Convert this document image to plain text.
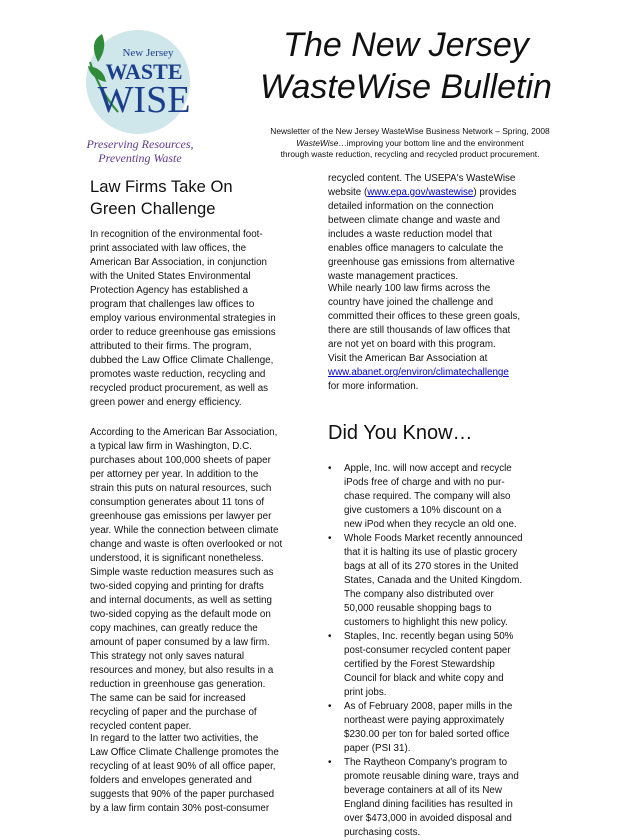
New Jersey
WASTE
WISE
Preserving Resources,
Preventing Waste
The New Jersey
WasteWise Bulletin
Newsletter of the New Jersey WasteWise Business Network – Spring, 2008
WasteWise…improving your bottom line and the environment
through waste reduction, recycling and recycled product procurement.
Law Firms Take On
Green Challenge
In recognition of the environmental foot-
print associated with law offices, the
American Bar Association, in conjunction
with the United States Environmental
Protection Agency has established a
program that challenges law offices to
employ various environmental strategies in
order to reduce greenhouse gas emissions
attributed to their firms. The program,
dubbed the Law Office Climate Challenge,
promotes waste reduction, recycling and
recycled product procurement, as well as
green power and energy efficiency.
According to the American Bar Association,
a typical law firm in Washington, D.C.
purchases about 100,000 sheets of paper
per attorney per year. In addition to the
strain this puts on natural resources, such
consumption generates about 11 tons of
greenhouse gas emissions per lawyer per
year. While the connection between climate
change and waste is often overlooked or not
understood, it is significant nonetheless.
Simple waste reduction measures such as
two-sided copying and printing for drafts
and internal documents, as well as setting
two-sided copying as the default mode on
copy machines, can greatly reduce the
amount of paper consumed by a law firm.
This strategy not only saves natural
resources and money, but also results in a
reduction in greenhouse gas generation.
The same can be said for increased
recycling of paper and the purchase of
recycled content paper.
In regard to the latter two activities, the
Law Office Climate Challenge promotes the
recycling of at least 90% of all office paper,
folders and envelopes generated and
suggests that 90% of the paper purchased
by a law firm contain 30% post-consumer
recycled content. The USEPA's WasteWise
website (www.epa.gov/wastewise) provides
detailed information on the connection
between climate change and waste and
includes a waste reduction model that
enables office managers to calculate the
greenhouse gas emissions from alternative
waste management practices.
While nearly 100 law firms across the
country have joined the challenge and
committed their offices to these green goals,
there are still thousands of law offices that
are not yet on board with this program.
Visit the American Bar Association at
www.abanet.org/environ/climatechallenge
for more information.
Did You Know…
• Apple, Inc. will now accept and recycle
iPods free of charge and with no pur-
chase required. The company will also
give customers a 10% discount on a
new iPod when they recycle an old one.
• Whole Foods Market recently announced
that it is halting its use of plastic grocery
bags at all of its 270 stores in the United
States, Canada and the United Kingdom.
The company also distributed over
50,000 reusable shopping bags to
customers to highlight this new policy.
• Staples, Inc. recently began using 50%
post-consumer recycled content paper
certified by the Forest Stewardship
Council for black and white copy and
print jobs.
• As of February 2008, paper mills in the
northeast were paying approximately
$230.00 per ton for baled sorted office
paper (PSI 31).
• The Raytheon Company's program to
promote reusable dining ware, trays and
beverage containers at all of its New
England dining facilities has resulted in
over $473,000 in avoided disposal and
purchasing costs.
